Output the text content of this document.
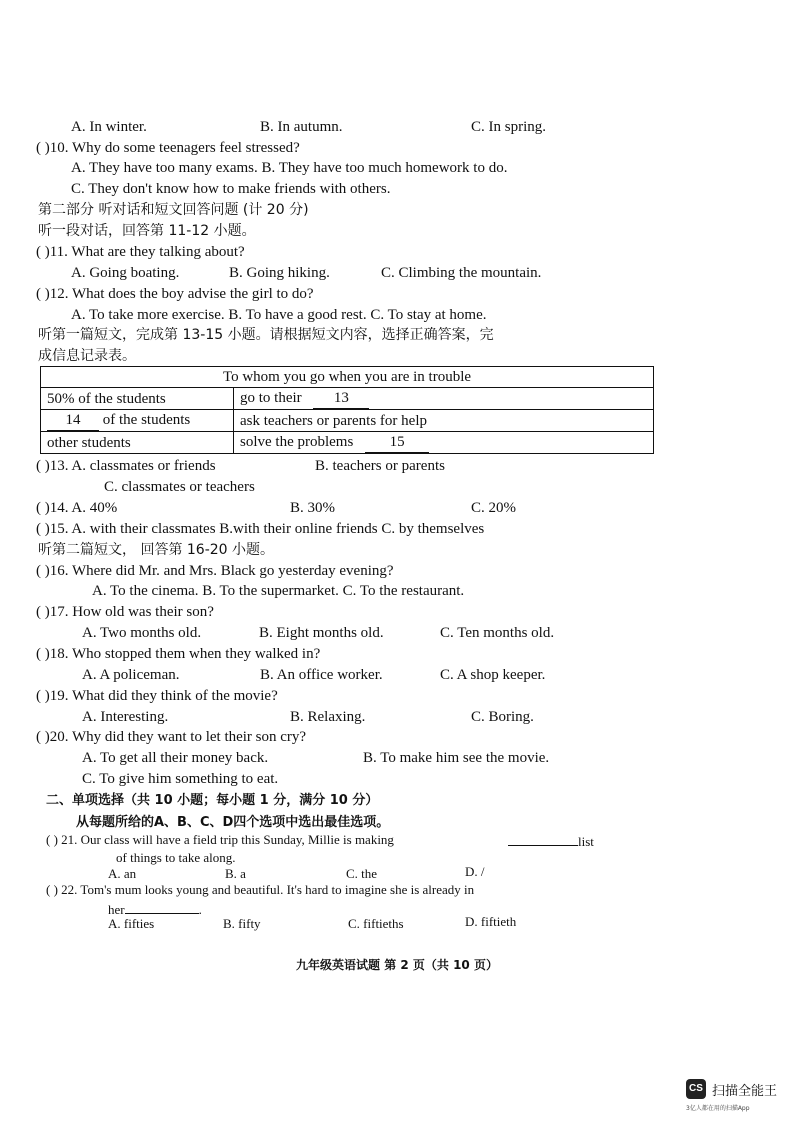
A. In winter.	B. In autumn.	C. In spring.
( )10. Why do some teenagers feel stressed?
A. They have too many exams. B. They have too much homework to do.
C. They don't know how to make friends with others.
第二部分 听对话和短文回答问题 (计 20 分)
听一段对话，回答第 11-12 小题。
( )11. What are they talking about?
A. Going boating.	B. Going hiking.	C. Climbing the mountain.
( )12. What does the boy advise the girl to do?
A. To take more exercise. B. To have a good rest. C. To stay at home.
听第一篇短文，完成第 13-15 小题。请根据短文内容，选择正确答案，完
成信息记录表。
To whom you go when you are in trouble	
50% of the students	go to their 13
14 of the students	ask teachers or parents for help
other students	solve the problems 15
( )13. A. classmates or friends	B. teachers or parents
C. classmates or teachers
( )14. A. 40%	B. 30%	C. 20%
( )15. A. with their classmates B.with their online friends C. by themselves
听第二篇短文， 回答第 16-20 小题。
( )16. Where did Mr. and Mrs. Black go yesterday evening?
A. To the cinema. B. To the supermarket. C. To the restaurant.
( )17. How old was their son?
A. Two months old.	B. Eight months old.	C. Ten months old.
( )18. Who stopped them when they walked in?
A. A policeman.	B. An office worker.	C. A shop keeper.
( )19. What did they think of the movie?
A. Interesting.	B. Relaxing.	C. Boring.
( )20. Why did they want to let their son cry?
A. To get all their money back.	B. To make him see the movie.
C. To give him something to eat.
二、单项选择（共 10 小题；每小题 1 分，满分 10 分）
从每题所给的A、B、C、D四个选项中选出最佳选项。
( ) 21. Our class will have a field trip this Sunday, Millie is making	list
of things to take along.
A. an	B. a	C. the	D. /
( ) 22. Tom's mum looks young and beautiful. It's hard to imagine she is already in
her	.
A. fifties	B. fifty	C. fiftieths	D. fiftieth
九年级英语试题 第 2 页（共 10 页）
CS 扫描全能王
3亿人都在用的扫描App
